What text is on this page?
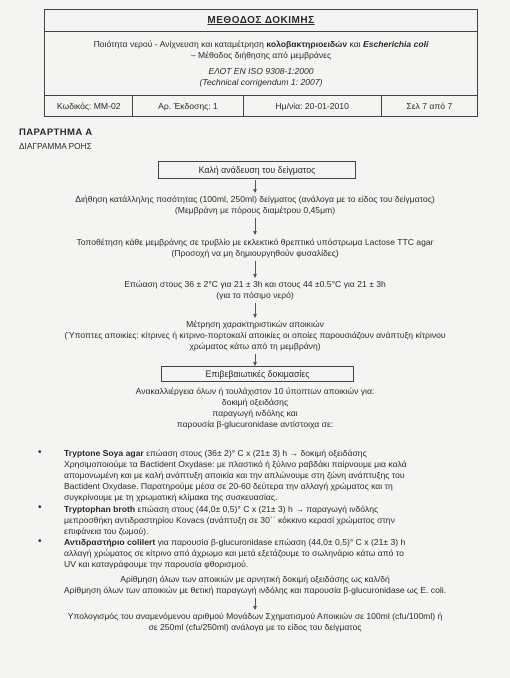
ΜΕΘΟΔΟΣ ΔΟΚΙΜΗΣ
Ποιότητα νερού - Ανίχνευση και καταμέτρηση κολοβακτηριοειδών και Escherichia coli
– Μέθοδος διήθησης από μεμβράνες
ΕΛΟΤ EN ISO 9308-1:2000
(Technical corrigendum 1: 2007)
Κωδικός: ΜΜ-02	Αρ. Έκδοσης: 1	Ημ/νία: 20-01-2010	Σελ 7 από 7
ΠΑΡΑΡΤΗΜΑ Α
ΔΙΑΓΡΑΜΜΑ ΡΟΗΣ
Καλή ανάδευση του δείγματος
Διήθηση κατάλληλης ποσότητας (100ml, 250ml) δείγματος (ανάλογα με το είδος του δείγματος)
(Μεμβράνη με πόρους διαμέτρου 0,45μm)
Τοποθέτηση κάθε μεμβράνης σε τρυβλίο με εκλεκτικό θρεπτικό υπόστρωμα Lactose TTC agar
(Προσοχή να μη δημιουργηθούν φυσαλίδες)
Επώαση στους 36 ± 2°C για 21 ± 3h και στους 44 ±0.5°C για 21 ± 3h
(για το πόσιμο νερό)
Μέτρηση χαρακτηριστικών αποικιών
(Ύποπτες αποικίες: κίτρινες ή κιτρινο-πορτοκαλί αποικίες οι οποίες παρουσιάζουν ανάπτυξη κίτρινου
χρώματος κάτω από τη μεμβράνη)
Επιβεβαιωτικές δοκιμασίες
Ανακαλλιέργεια όλων ή τουλάχιστον 10 ύποπτων αποικιών για:
δοκιμή οξειδάσης
παραγωγή ινδόλης και
παρουσία β-glucuronidase αντίστοιχα σε:
•	Tryptone Soya agar επώαση στους (36± 2)° C x (21± 3) h → δοκιμή οξειδάσης
Χρησιμοποιούμε τα Bactident Oxydase: με πλαστικό ή ξύλινο ραβδάκι παίρνουμε μια καλά
απομονωμένη και με καλή ανάπτυξη αποικία και την απλώνουμε στη ζώνη ανάπτυξης του
Bactident Oxydase. Παρατηρούμε μέσα σε 20-60 δεύτερα την αλλαγή χρώματος και τη
συγκρίνουμε με τη χρωματική κλίμακα της συσκευασίας.
•	Tryptophan broth επώαση στους (44,0± 0,5)° C x (21± 3) h → παραγωγή ινδόλης
μεπροσθήκη αντιδραστηρίου Kovacs (ανάπτυξη σε 30΄΄ κόκκινο κερασί χρώματος στην
επιφάνεια του ζωμού).
•	Αντιδραστήριο colilert για παρουσία β-glucuronidase επώαση (44,0± 0,5)° C x (21± 3) h
αλλαγή χρώματος σε κίτρινο από άχρωμο και μετά εξετάζουμε το σωληνάριο κάτω από το
UV και καταγράφουμε την παρουσία φθορισμού.
Αρίθμηση όλων των αποικιών με αρνητική δοκιμή οξειδάσης ως καλ/δή
Αρίθμηση όλων των αποικιών με θετική παραγωγή ινδόλης και παρουσία β-glucuronidase ως E. coli.
Υπολογισμός του αναμενόμενου αριθμού Μονάδων Σχηματισμού Αποικιών σε 100ml (cfu/100ml) ή
σε 250ml (cfu/250ml) ανάλογα με το είδος του δείγματος
